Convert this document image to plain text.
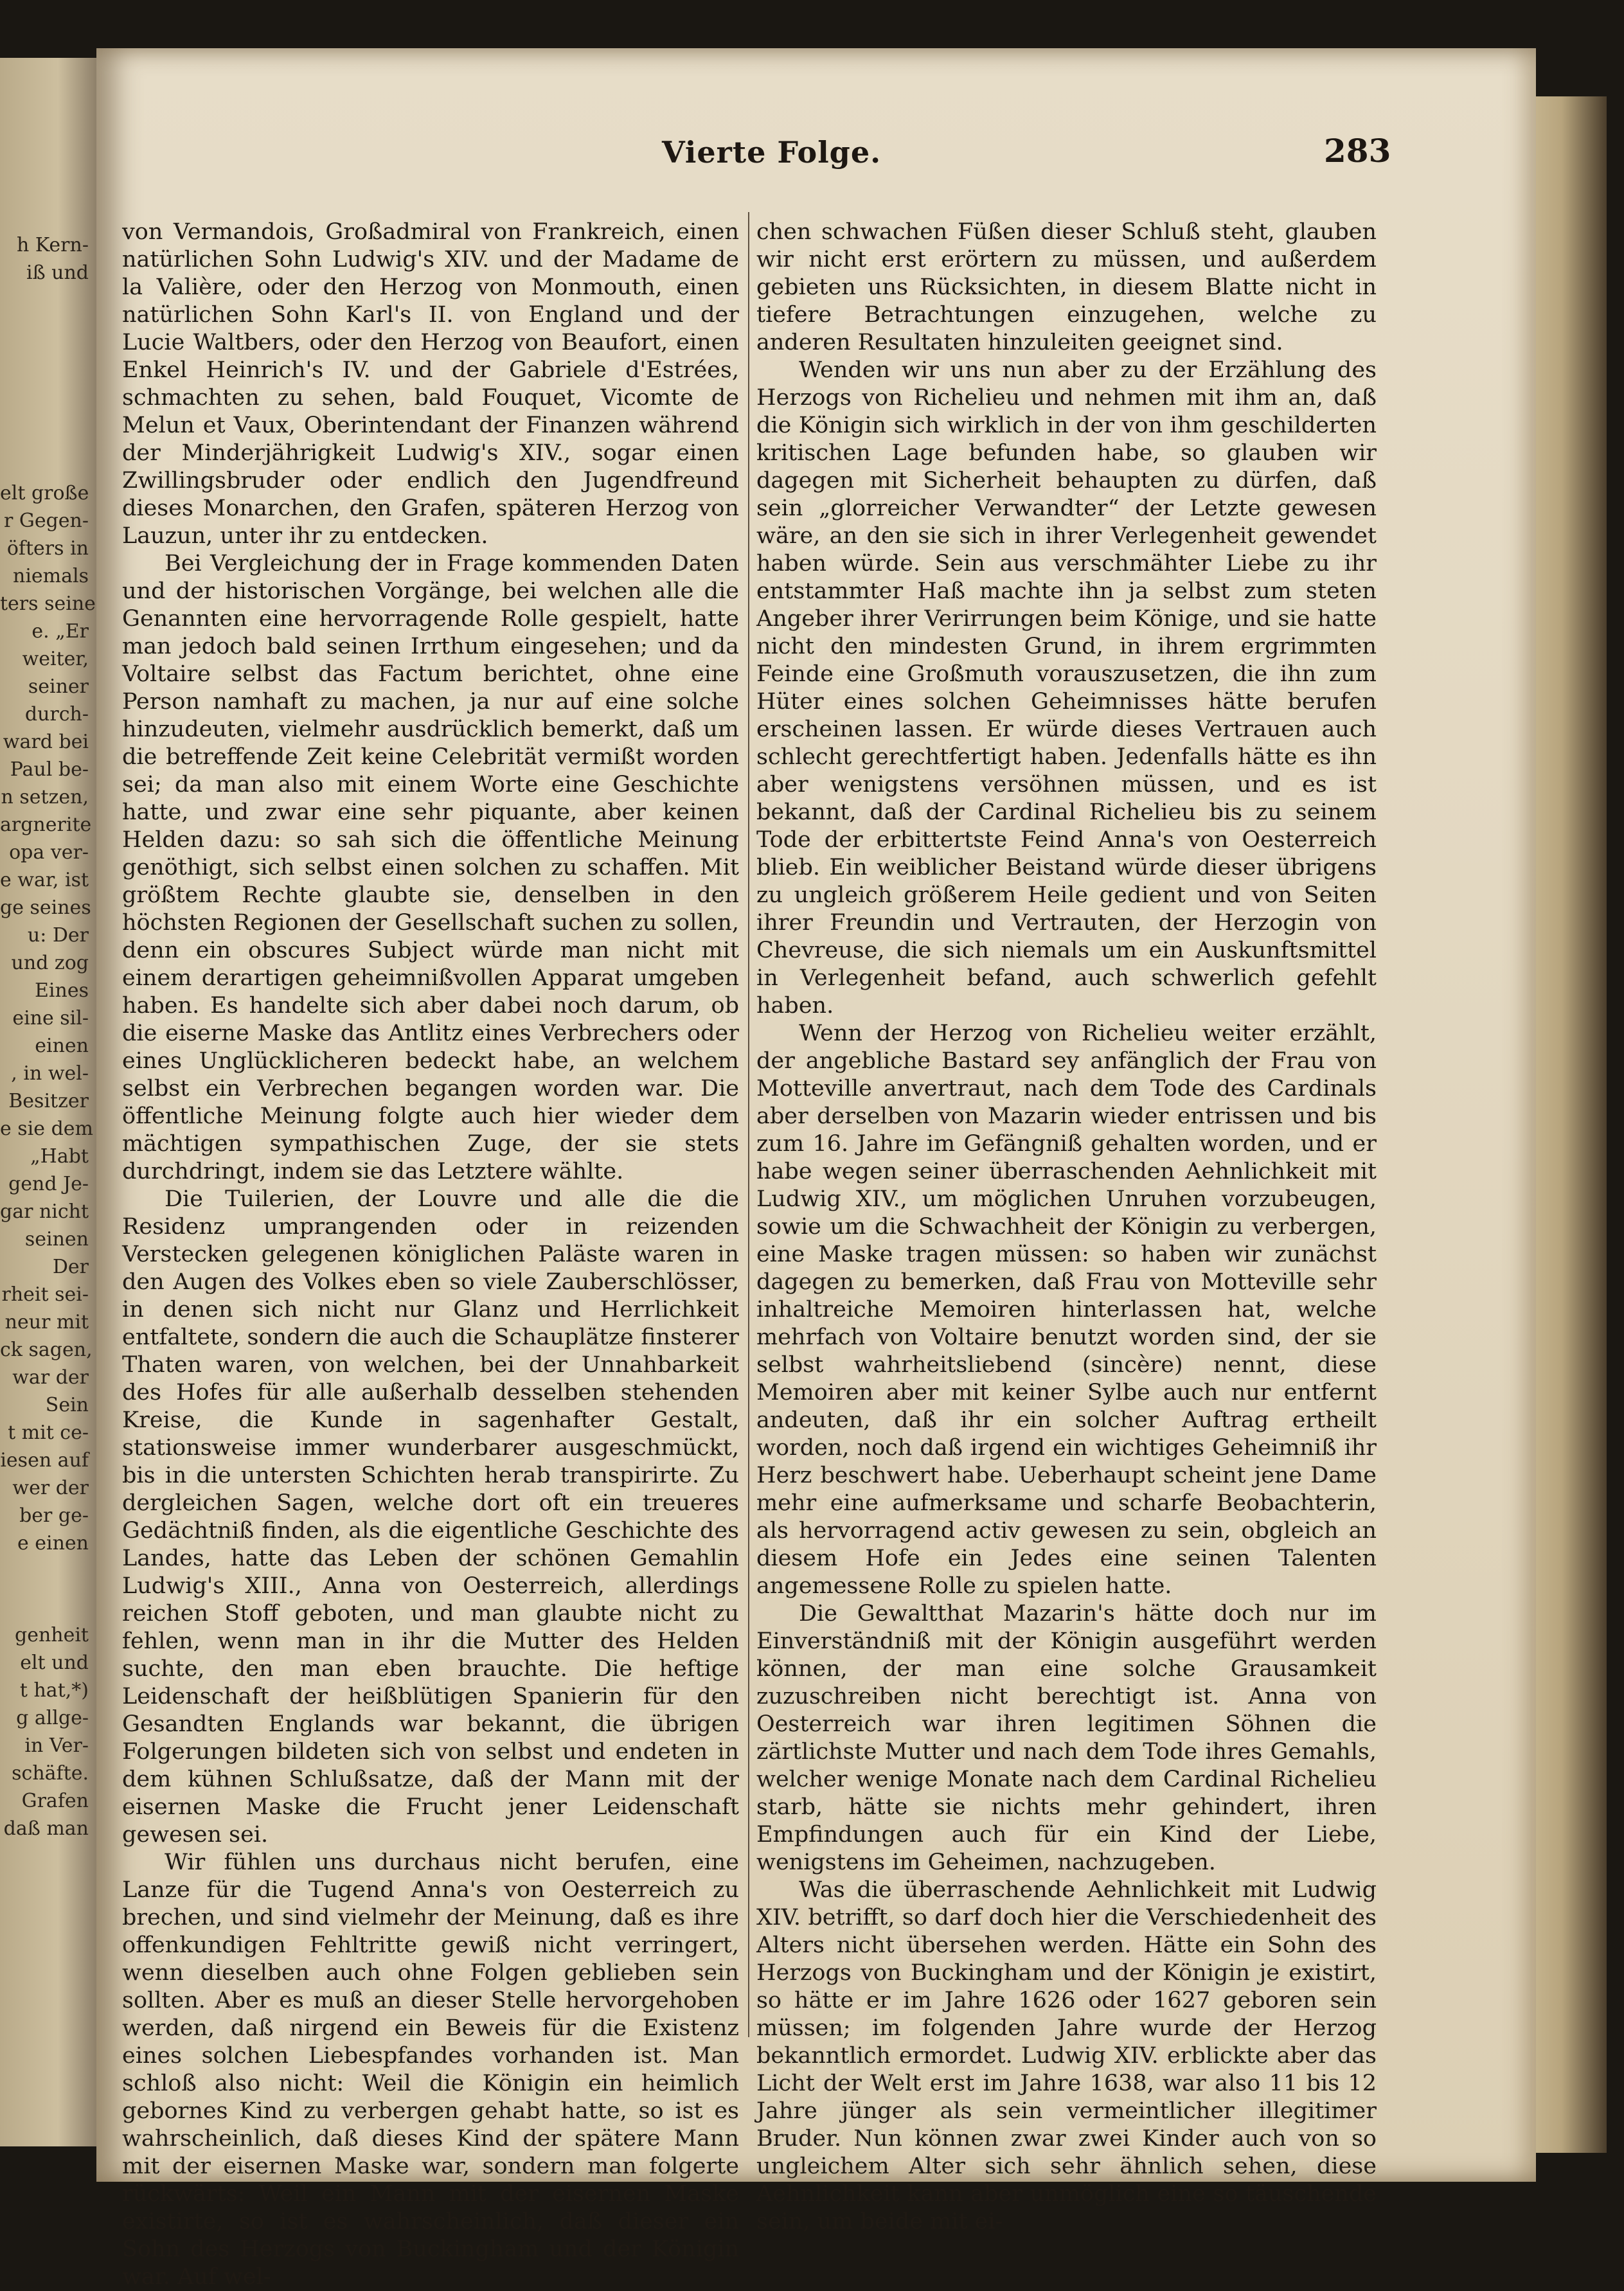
h Kern-
iß und
elt große
r Gegen-
öfters in
niemals
ters seine
e. „Er
weiter,
seiner
durch-
ward bei
Paul be-
n setzen,
argnerite
opa ver-
e war, ist
ge seines
u: Der
und zog
Eines
eine sil-
einen
, in wel-
Besitzer
e sie dem
„Habt
gend Je-
gar nicht
seinen
Der
rheit sei-
neur mit
ck sagen,
war der
Sein
t mit ce-
iesen auf
wer der
ber ge-
e einen
genheit
elt und
t hat,*)
g allge-
in Ver-
schäfte.
Grafen
daß man
Vierte Folge.	283

von Vermandois, Großadmiral von Frankreich, einen natürlichen Sohn Ludwig's XIV. und der Madame de la Valière, oder den Herzog von Monmouth, einen natürlichen Sohn Karl's II. von England und der Lucie Waltbers, oder den Herzog von Beaufort, einen Enkel Heinrich's IV. und der Gabriele d'Estrées, schmachten zu sehen, bald Fouquet, Vicomte de Melun et Vaux, Oberintendant der Finanzen während der Minderjährigkeit Ludwig's XIV., sogar einen Zwillingsbruder oder endlich den Jugendfreund dieses Monarchen, den Grafen, späteren Herzog von Lauzun, unter ihr zu entdecken.

Bei Vergleichung der in Frage kommenden Daten und der historischen Vorgänge, bei welchen alle die Genannten eine hervorragende Rolle gespielt, hatte man jedoch bald seinen Irrthum eingesehen; und da Voltaire selbst das Factum berichtet, ohne eine Person namhaft zu machen, ja nur auf eine solche hinzudeuten, vielmehr ausdrücklich bemerkt, daß um die betreffende Zeit keine Celebrität vermißt worden sei; da man also mit einem Worte eine Geschichte hatte, und zwar eine sehr piquante, aber keinen Helden dazu: so sah sich die öffentliche Meinung genöthigt, sich selbst einen solchen zu schaffen. Mit größtem Rechte glaubte sie, denselben in den höchsten Regionen der Gesellschaft suchen zu sollen, denn ein obscures Subject würde man nicht mit einem derartigen geheimnißvollen Apparat umgeben haben. Es handelte sich aber dabei noch darum, ob die eiserne Maske das Antlitz eines Verbrechers oder eines Unglücklicheren bedeckt habe, an welchem selbst ein Verbrechen begangen worden war. Die öffentliche Meinung folgte auch hier wieder dem mächtigen sympathischen Zuge, der sie stets durchdringt, indem sie das Letztere wählte.

Die Tuilerien, der Louvre und alle die die Residenz umprangenden oder in reizenden Verstecken gelegenen königlichen Paläste waren in den Augen des Volkes eben so viele Zauberschlösser, in denen sich nicht nur Glanz und Herrlichkeit entfaltete, sondern die auch die Schauplätze finsterer Thaten waren, von welchen, bei der Unnahbarkeit des Hofes für alle außerhalb desselben stehenden Kreise, die Kunde in sagenhafter Gestalt, stationsweise immer wunderbarer ausgeschmückt, bis in die untersten Schichten herab transpirirte. Zu dergleichen Sagen, welche dort oft ein treueres Gedächtniß finden, als die eigentliche Geschichte des Landes, hatte das Leben der schönen Gemahlin Ludwig's XIII., Anna von Oesterreich, allerdings reichen Stoff geboten, und man glaubte nicht zu fehlen, wenn man in ihr die Mutter des Helden suchte, den man eben brauchte. Die heftige Leidenschaft der heißblütigen Spanierin für den Gesandten Englands war bekannt, die übrigen Folgerungen bildeten sich von selbst und endeten in dem kühnen Schlußsatze, daß der Mann mit der eisernen Maske die Frucht jener Leidenschaft gewesen sei.

Wir fühlen uns durchaus nicht berufen, eine Lanze für die Tugend Anna's von Oesterreich zu brechen, und sind vielmehr der Meinung, daß es ihre offenkundigen Fehltritte gewiß nicht verringert, wenn dieselben auch ohne Folgen geblieben sein sollten. Aber es muß an dieser Stelle hervorgehoben werden, daß nirgend ein Beweis für die Existenz eines solchen Liebespfandes vorhanden ist. Man schloß also nicht: Weil die Königin ein heimlich gebornes Kind zu verbergen gehabt hatte, so ist es wahrscheinlich, daß dieses Kind der spätere Mann mit der eisernen Maske war, sondern man folgerte rückwärts: Weil ein Mann mit der eisernen Maske existirte, so ist es wahrscheinlich, daß dieser ein Sohn des Herzogs von Buckingham und der Königin war. Auf wel-

chen schwachen Füßen dieser Schluß steht, glauben wir nicht erst erörtern zu müssen, und außerdem gebieten uns Rücksichten, in diesem Blatte nicht in tiefere Betrachtungen einzugehen, welche zu anderen Resultaten hinzuleiten geeignet sind.

Wenden wir uns nun aber zu der Erzählung des Herzogs von Richelieu und nehmen mit ihm an, daß die Königin sich wirklich in der von ihm geschilderten kritischen Lage befunden habe, so glauben wir dagegen mit Sicherheit behaupten zu dürfen, daß sein „glorreicher Verwandter“ der Letzte gewesen wäre, an den sie sich in ihrer Verlegenheit gewendet haben würde. Sein aus verschmähter Liebe zu ihr entstammter Haß machte ihn ja selbst zum steten Angeber ihrer Verirrungen beim Könige, und sie hatte nicht den mindesten Grund, in ihrem ergrimmten Feinde eine Großmuth vorauszusetzen, die ihn zum Hüter eines solchen Geheimnisses hätte berufen erscheinen lassen. Er würde dieses Vertrauen auch schlecht gerechtfertigt haben. Jedenfalls hätte es ihn aber wenigstens versöhnen müssen, und es ist bekannt, daß der Cardinal Richelieu bis zu seinem Tode der erbittertste Feind Anna's von Oesterreich blieb. Ein weiblicher Beistand würde dieser übrigens zu ungleich größerem Heile gedient und von Seiten ihrer Freundin und Vertrauten, der Herzogin von Chevreuse, die sich niemals um ein Auskunftsmittel in Verlegenheit befand, auch schwerlich gefehlt haben.

Wenn der Herzog von Richelieu weiter erzählt, der angebliche Bastard sey anfänglich der Frau von Motteville anvertraut, nach dem Tode des Cardinals aber derselben von Mazarin wieder entrissen und bis zum 16. Jahre im Gefängniß gehalten worden, und er habe wegen seiner überraschenden Aehnlichkeit mit Ludwig XIV., um möglichen Unruhen vorzubeugen, sowie um die Schwachheit der Königin zu verbergen, eine Maske tragen müssen: so haben wir zunächst dagegen zu bemerken, daß Frau von Motteville sehr inhaltreiche Memoiren hinterlassen hat, welche mehrfach von Voltaire benutzt worden sind, der sie selbst wahrheitsliebend (sincère) nennt, diese Memoiren aber mit keiner Sylbe auch nur entfernt andeuten, daß ihr ein solcher Auftrag ertheilt worden, noch daß irgend ein wichtiges Geheimniß ihr Herz beschwert habe. Ueberhaupt scheint jene Dame mehr eine aufmerksame und scharfe Beobachterin, als hervorragend activ gewesen zu sein, obgleich an diesem Hofe ein Jedes eine seinen Talenten angemessene Rolle zu spielen hatte.

Die Gewaltthat Mazarin's hätte doch nur im Einverständniß mit der Königin ausgeführt werden können, der man eine solche Grausamkeit zuzuschreiben nicht berechtigt ist. Anna von Oesterreich war ihren legitimen Söhnen die zärtlichste Mutter und nach dem Tode ihres Gemahls, welcher wenige Monate nach dem Cardinal Richelieu starb, hätte sie nichts mehr gehindert, ihren Empfindungen auch für ein Kind der Liebe, wenigstens im Geheimen, nachzugeben.

Was die überraschende Aehnlichkeit mit Ludwig XIV. betrifft, so darf doch hier die Verschiedenheit des Alters nicht übersehen werden. Hätte ein Sohn des Herzogs von Buckingham und der Königin je existirt, so hätte er im Jahre 1626 oder 1627 geboren sein müssen; im folgenden Jahre wurde der Herzog bekanntlich ermordet. Ludwig XIV. erblickte aber das Licht der Welt erst im Jahre 1638, war also 11 bis 12 Jahre jünger als sein vermeintlicher illegitimer Bruder. Nun können zwar zwei Kinder auch von so ungleichem Alter sich sehr ähnlich sehen, diese Aehnlichkeit kann aber unmöglich eine so täuschende sein, um beide mit ei-
